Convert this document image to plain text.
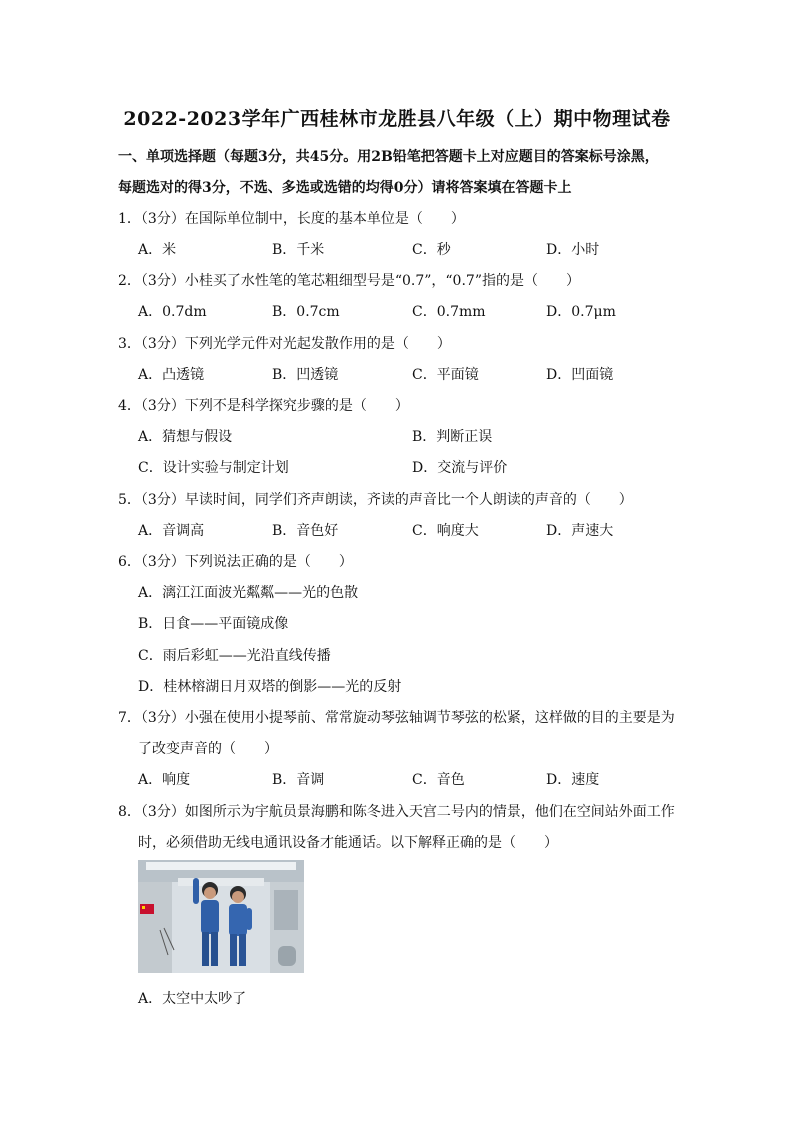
2022-2023学年广西桂林市龙胜县八年级（上）期中物理试卷
一、单项选择题（每题3分，共45分。用2B铅笔把答题卡上对应题目的答案标号涂黑，
每题选对的得3分，不选、多选或选错的均得0分）请将答案填在答题卡上
1．（3分）在国际单位制中，长度的基本单位是（　　）
A．米	B．千米	C．秒	D．小时
2．（3分）小桂买了水性笔的笔芯粗细型号是“0.7”，“0.7”指的是（　　）
A．0.7dm	B．0.7cm	C．0.7mm	D．0.7μm
3．（3分）下列光学元件对光起发散作用的是（　　）
A．凸透镜	B．凹透镜	C．平面镜	D．凹面镜
4．（3分）下列不是科学探究步骤的是（　　）
A．猜想与假设	B．判断正误
C．设计实验与制定计划	D．交流与评价
5．（3分）早读时间，同学们齐声朗读，齐读的声音比一个人朗读的声音的（　　）
A．音调高	B．音色好	C．响度大	D．声速大
6．（3分）下列说法正确的是（　　）
A．漓江江面波光粼粼——光的色散
B．日食——平面镜成像
C．雨后彩虹——光沿直线传播
D．桂林榕湖日月双塔的倒影——光的反射
7．（3分）小强在使用小提琴前、常常旋动琴弦轴调节琴弦的松紧，这样做的目的主要是为
了改变声音的（　　）
A．响度	B．音调	C．音色	D．速度
8．（3分）如图所示为宇航员景海鹏和陈冬进入天宫二号内的情景，他们在空间站外面工作
时，必须借助无线电通讯设备才能通话。以下解释正确的是（　　）
A．太空中太吵了
